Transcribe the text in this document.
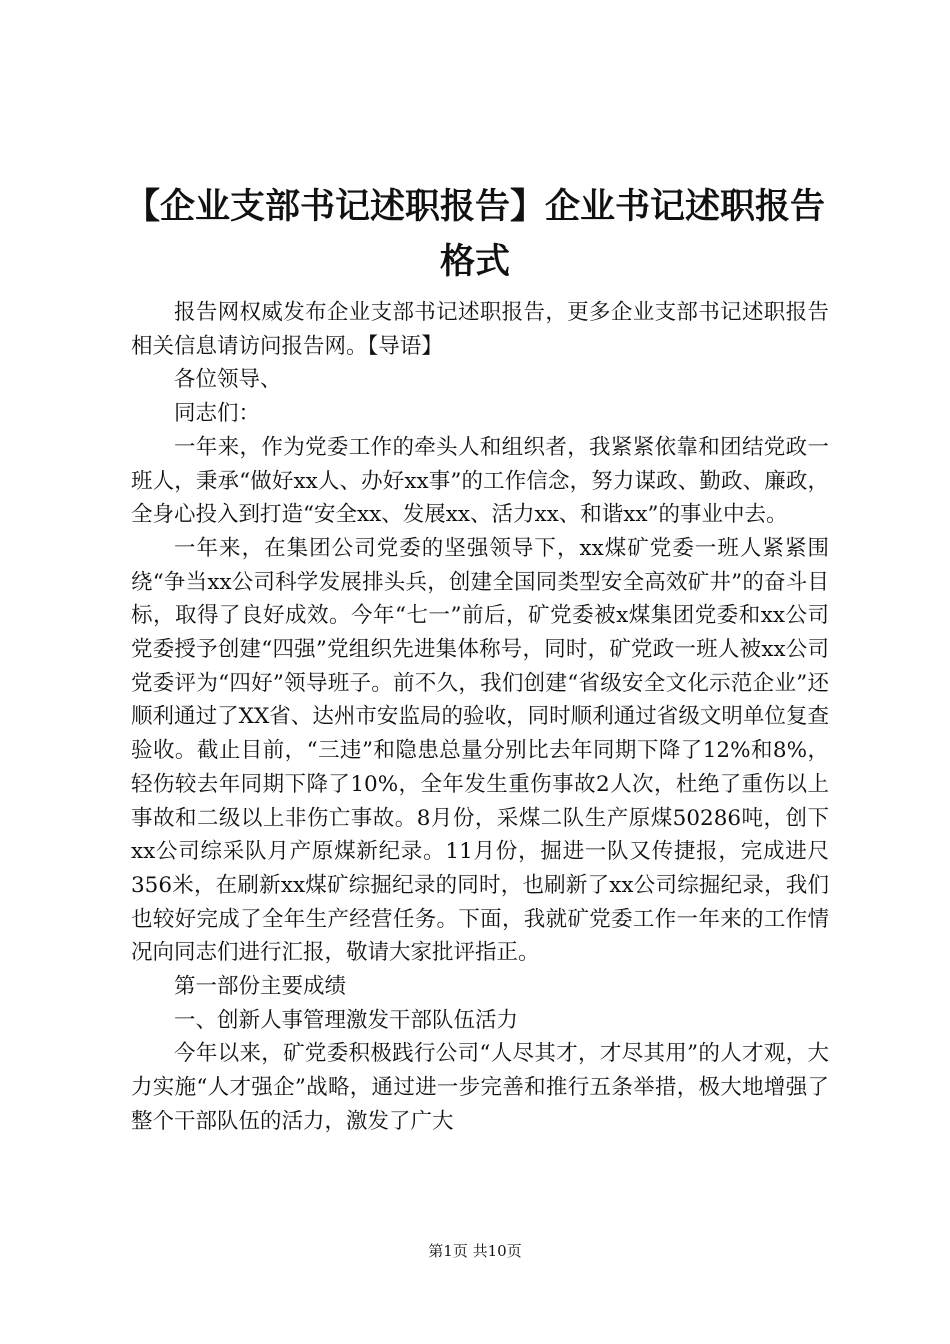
【企业支部书记述职报告】企业书记述职报告格式

报告网权威发布企业支部书记述职报告，更多企业支部书记述职报告相关信息请访问报告网。【导语】

各位领导、

同志们：

一年来，作为党委工作的牵头人和组织者，我紧紧依靠和团结党政一班人，秉承“做好xx人、办好xx事”的工作信念，努力谋政、勤政、廉政，全身心投入到打造“安全xx、发展xx、活力xx、和谐xx”的事业中去。

一年来，在集团公司党委的坚强领导下，xx煤矿党委一班人紧紧围绕“争当xx公司科学发展排头兵，创建全国同类型安全高效矿井”的奋斗目标，取得了良好成效。今年“七一”前后，矿党委被x煤集团党委和xx公司党委授予创建“四强”党组织先进集体称号，同时，矿党政一班人被xx公司党委评为“四好”领导班子。前不久，我们创建“省级安全文化示范企业”还顺利通过了XX省、达州市安监局的验收，同时顺利通过省级文明单位复查验收。截止目前，“三违”和隐患总量分别比去年同期下降了12%和8%，轻伤较去年同期下降了10%，全年发生重伤事故2人次，杜绝了重伤以上事故和二级以上非伤亡事故。8月份，采煤二队生产原煤50286吨，创下xx公司综采队月产原煤新纪录。11月份，掘进一队又传捷报，完成进尺356米，在刷新xx煤矿综掘纪录的同时，也刷新了xx公司综掘纪录，我们也较好完成了全年生产经营任务。下面，我就矿党委工作一年来的工作情况向同志们进行汇报，敬请大家批评指正。

第一部份主要成绩

一、创新人事管理激发干部队伍活力

今年以来，矿党委积极践行公司“人尽其才，才尽其用”的人才观，大力实施“人才强企”战略，通过进一步完善和推行五条举措，极大地增强了整个干部队伍的活力，激发了广大

第1页 共10页
